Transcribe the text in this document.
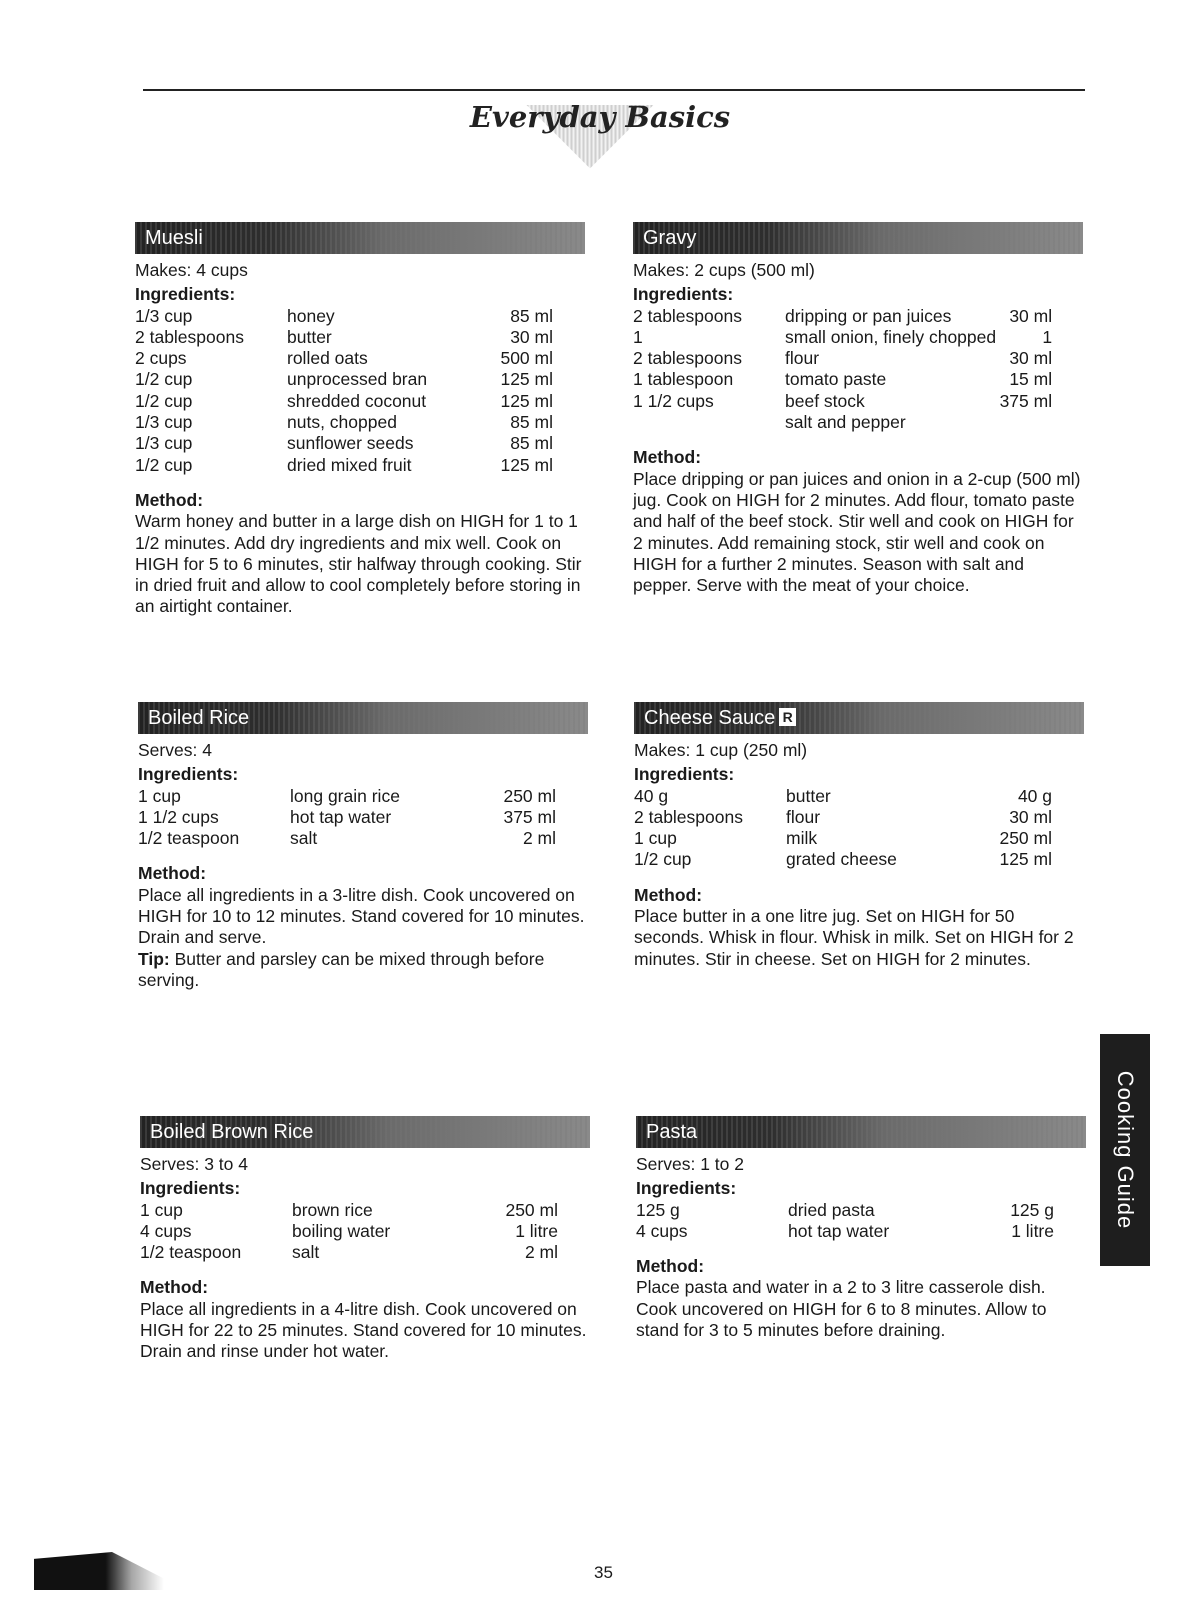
Everyday Basics
Muesli

Makes: 4 cups

Ingredients:

1/3 cup	honey	85 ml
2 tablespoons	butter	30 ml
2 cups	rolled oats	500 ml
1/2 cup	unprocessed bran	125 ml
1/2 cup	shredded coconut	125 ml
1/3 cup	nuts, chopped	85 ml
1/3 cup	sunflower seeds	85 ml
1/2 cup	dried mixed fruit	125 ml

Method:

Warm honey and butter in a large dish on HIGH for 1 to 1 1/2 minutes. Add dry ingredients and mix well. Cook on HIGH for 5 to 6 minutes, stir halfway through cooking. Stir in dried fruit and allow to cool completely before storing in an airtight container.

Gravy

Makes: 2 cups (500 ml)

Ingredients:

2 tablespoons	dripping or pan juices	30 ml
1	small onion, finely chopped	1
2 tablespoons	flour	30 ml
1 tablespoon	tomato paste	15 ml
1 1/2 cups	beef stock	375 ml
	salt and pepper	

Method:

Place dripping or pan juices and onion in a 2-cup (500 ml) jug. Cook on HIGH for 2 minutes. Add flour, tomato paste and half of the beef stock. Stir well and cook on HIGH for 2 minutes. Add remaining stock, stir well and cook on HIGH for a further 2 minutes. Season with salt and pepper. Serve with the meat of your choice.

Boiled Rice

Serves: 4

Ingredients:

1 cup	long grain rice	250 ml
1 1/2 cups	hot tap water	375 ml
1/2 teaspoon	salt	2 ml

Method:

Place all ingredients in a 3-litre dish. Cook uncovered on HIGH for 10 to 12 minutes. Stand covered for 10 minutes. Drain and serve.
Tip: Butter and parsley can be mixed through before serving.

Cheese Sauce R

Makes: 1 cup (250 ml)

Ingredients:

40 g	butter	40 g
2 tablespoons	flour	30 ml
1 cup	milk	250 ml
1/2 cup	grated cheese	125 ml

Method:

Place butter in a one litre jug. Set on HIGH for 50 seconds. Whisk in flour. Whisk in milk. Set on HIGH for 2 minutes. Stir in cheese. Set on HIGH for 2 minutes.

Boiled Brown Rice

Serves: 3 to 4

Ingredients:

1 cup	brown rice	250 ml
4 cups	boiling water	1 litre
1/2 teaspoon	salt	2 ml

Method:

Place all ingredients in a 4-litre dish. Cook uncovered on HIGH for 22 to 25 minutes. Stand covered for 10 minutes. Drain and rinse under hot water.

Pasta

Serves: 1 to 2

Ingredients:

125 g	dried pasta	125 g
4 cups	hot tap water	1 litre

Method:

Place pasta and water in a 2 to 3 litre casserole dish. Cook uncovered on HIGH for 6 to 8 minutes. Allow to stand for 3 to 5 minutes before draining.

Cooking Guide

35
